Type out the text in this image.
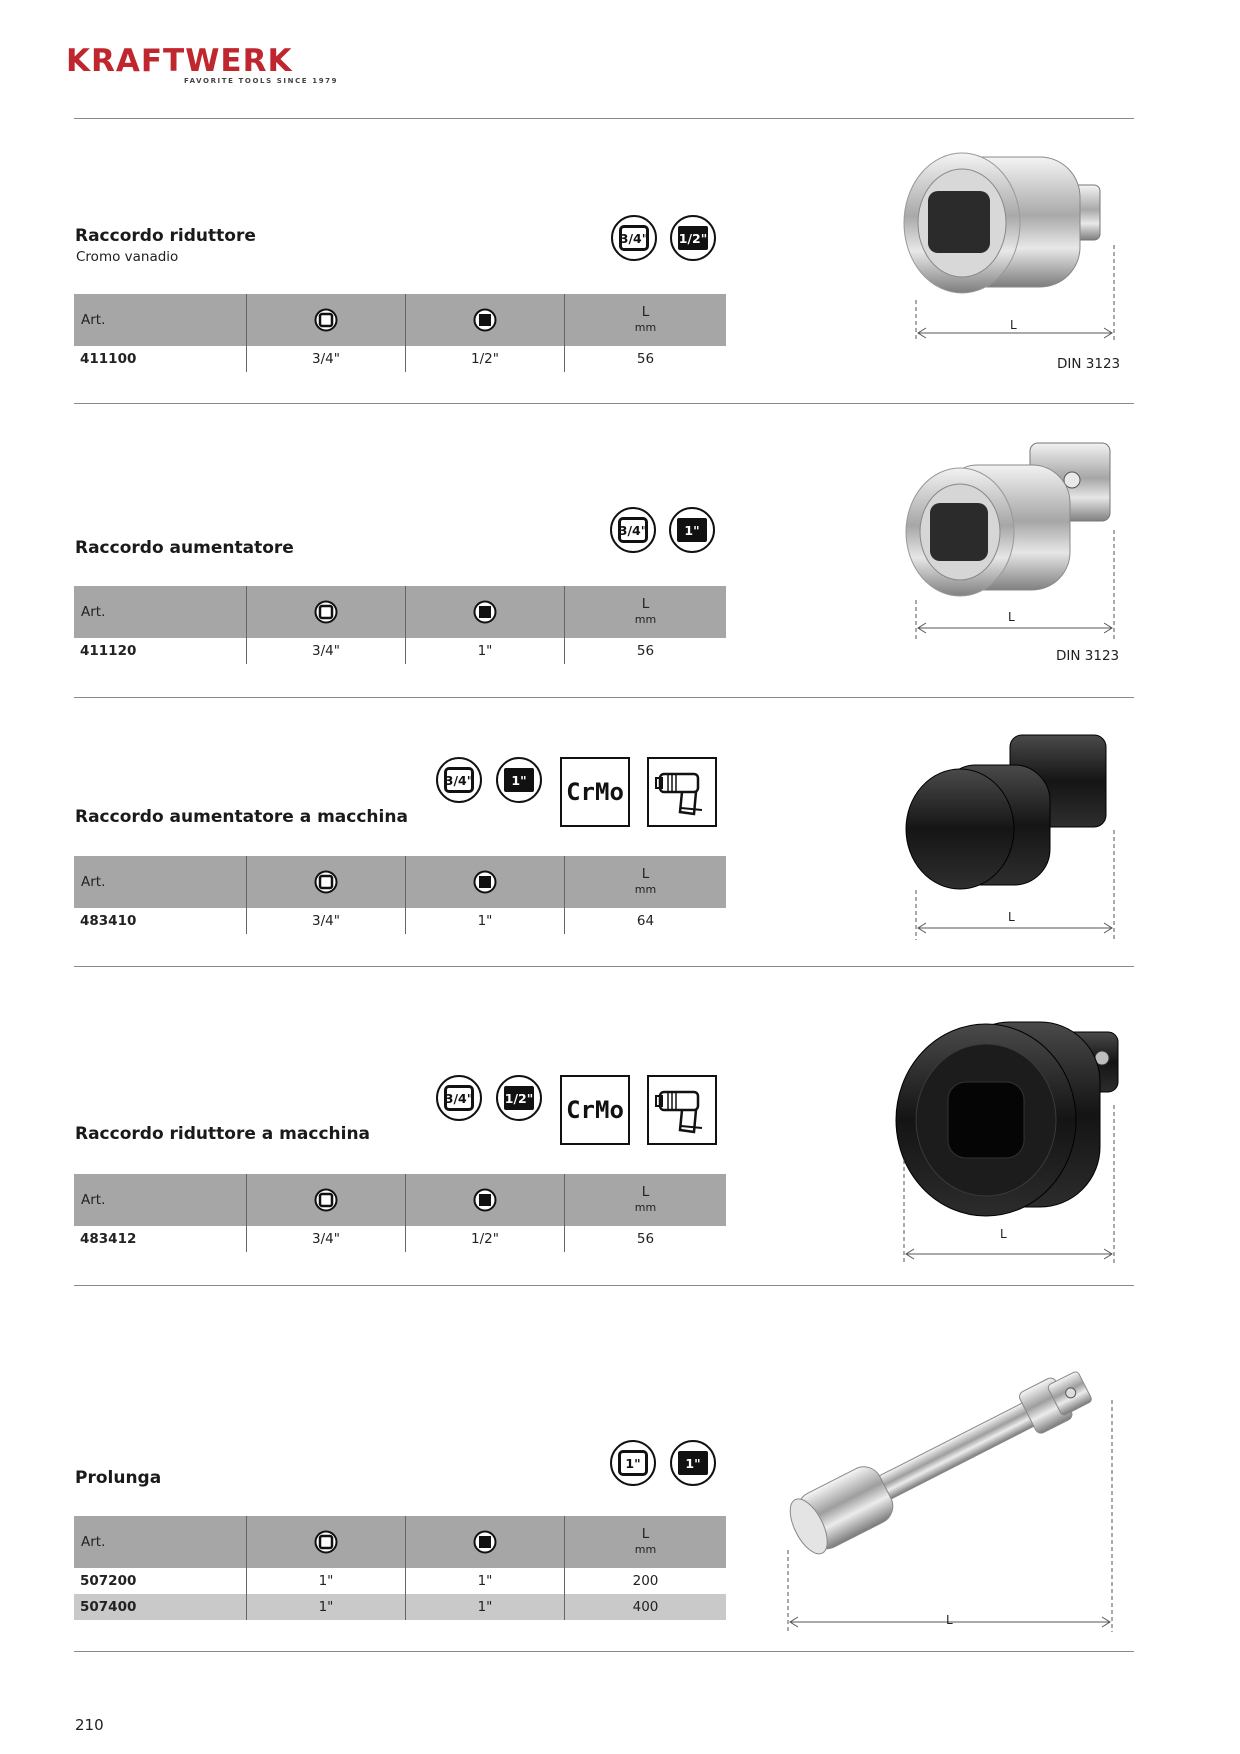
KRAFTWERK
FAVORITE TOOLS SINCE 1979
Raccordo riduttore
Cromo vanadio
3/4" 1/2"
Art.			L
mm

411100	3/4"	1/2"	56
L
DIN 3123
Raccordo aumentatore
3/4"	1"
Art.			L
mm

411120	3/4"	1"	56
L
DIN 3123
Raccordo aumentatore a macchina
3/4"	1"	CrMo
Art.			L
mm

483410	3/4"	1"	64	L
Raccordo riduttore a macchina
3/4"	1/2" CrMo
Art.			L
mm

483412	3/4"	1/2"	56	L
Prolunga
1"	1"
Art.			L
mm

507200	1"	1"	200
507400	1"	1"	400
L
210
